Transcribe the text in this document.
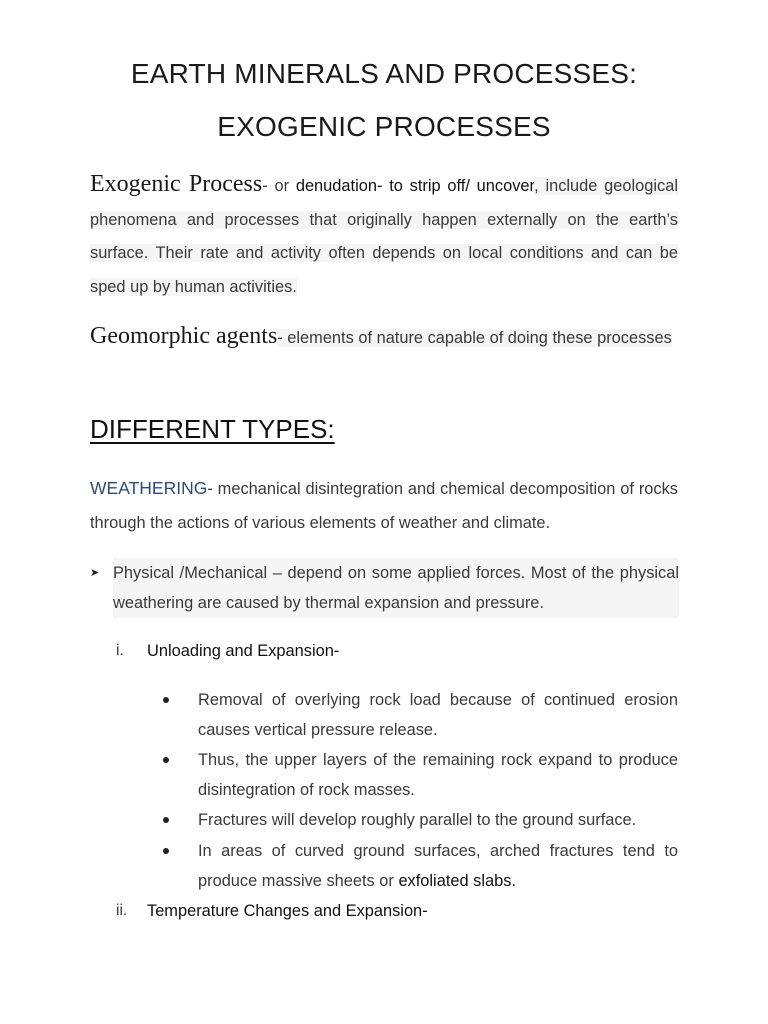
EARTH MINERALS AND PROCESSES:
EXOGENIC PROCESSES
Exogenic Process- or denudation- to strip off/ uncover, include geological phenomena and processes that originally happen externally on the earth’s surface. Their rate and activity often depends on local conditions and can be sped up by human activities.
Geomorphic agents- elements of nature capable of doing these processes
DIFFERENT TYPES:
WEATHERING- mechanical disintegration and chemical decomposition of rocks through the actions of various elements of weather and climate.
➤ Physical /Mechanical – depend on some applied forces. Most of the physical weathering are caused by thermal expansion and pressure.
i. Unloading and Expansion-
Removal of overlying rock load because of continued erosion causes vertical pressure release.
Thus, the upper layers of the remaining rock expand to produce disintegration of rock masses.
Fractures will develop roughly parallel to the ground surface.
In areas of curved ground surfaces, arched fractures tend to produce massive sheets or exfoliated slabs.
ii. Temperature Changes and Expansion-
